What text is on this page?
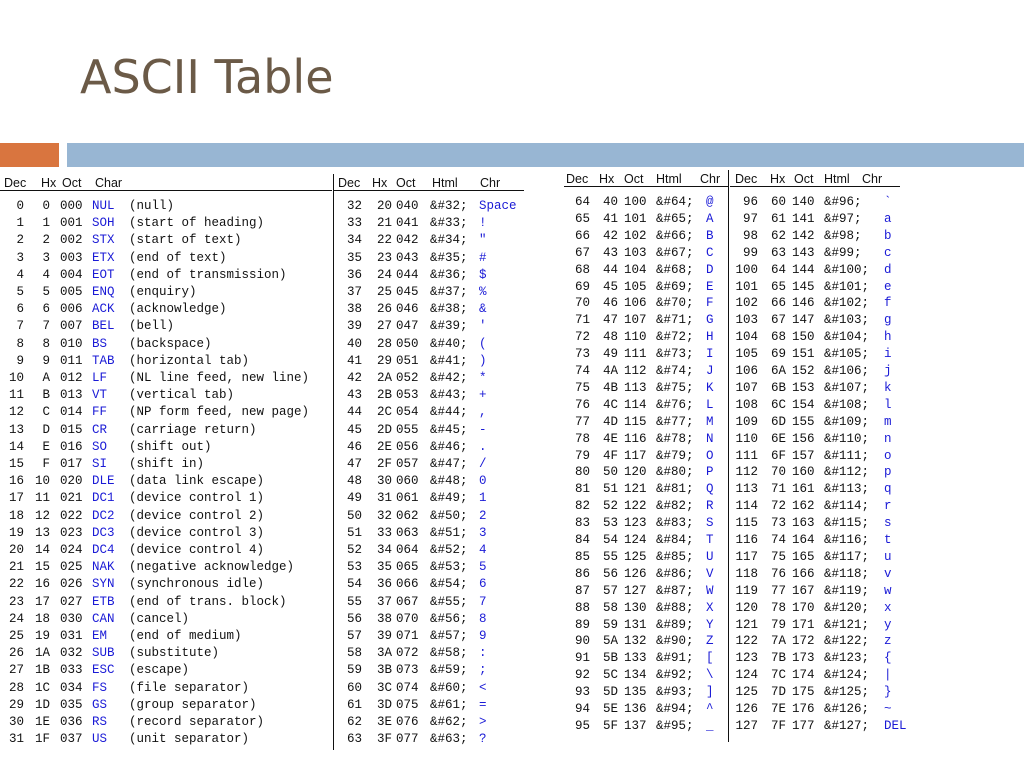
ASCII Table
Dec Hx Oct Char	Dec Hx Oct Html Chr
0	0 000 NUL (null)	32	20 040 &#32; Space
1	1 001 SOH (start of heading)	33	21 041 &#33; !
2	2 002 STX (start of text)	34	22 042 &#34; "
3	3 003 ETX (end of text)	35	23 043 &#35; #
4	4 004 EOT (end of transmission)	36	24 044 &#36; $
5	5 005 ENQ (enquiry)	37	25 045 &#37; %
6	6 006 ACK (acknowledge)	38	26 046 &#38; &
7	7 007 BEL (bell)	39	27 047 &#39; '
8	8 010 BS (backspace)	40	28 050 &#40; (
9	9 011 TAB (horizontal tab)	41	29 051 &#41; )
10	A 012 LF (NL line feed, new line)	42	2A 052 &#42; *
11	B 013 VT (vertical tab)	43	2B 053 &#43; +
12	C 014 FF (NP form feed, new page)	44	2C 054 &#44; ,
13	D 015 CR (carriage return)	45	2D 055 &#45; -
14	E 016 SO (shift out)	46	2E 056 &#46; .
15	F 017 SI (shift in)	47	2F 057 &#47; /
16 10 020 DLE (data link escape)	48	30 060 &#48; 0
17 11 021 DC1 (device control 1)	49	31 061 &#49; 1
18 12 022 DC2 (device control 2)	50	32 062 &#50; 2
19 13 023 DC3 (device control 3)	51	33 063 &#51; 3
20 14 024 DC4 (device control 4)	52	34 064 &#52; 4
21 15 025 NAK (negative acknowledge)	53	35 065 &#53; 5
22 16 026 SYN (synchronous idle)	54	36 066 &#54; 6
23 17 027 ETB (end of trans. block)	55	37 067 &#55; 7
24 18 030 CAN (cancel)	56	38 070 &#56; 8
25 19 031 EM (end of medium)	57	39 071 &#57; 9
26 1A 032 SUB (substitute)	58	3A 072 &#58; :
27 1B 033 ESC (escape)	59	3B 073 &#59; ;
28 1C 034 FS (file separator)	60	3C 074 &#60; <
29 1D 035 GS (group separator)	61	3D 075 &#61; =
30 1E 036 RS (record separator)	62	3E 076 &#62; >
31 1F 037 US (unit separator)	63	3F 077 &#63; ?
Dec Hx Oct Html Chr Dec Hx Oct Html Chr
64	40 100 &#64; @	96	60 140 &#96; `
65	41 101 &#65; A	97	61 141 &#97; a
66	42 102 &#66; B	98	62 142 &#98; b
67	43 103 &#67; C	99	63 143 &#99; c
68	44 104 &#68; D	100	64 144 &#100; d
69	45 105 &#69; E	101	65 145 &#101; e
70	46 106 &#70; F	102	66 146 &#102; f
71	47 107 &#71; G	103	67 147 &#103; g
72	48 110 &#72; H	104	68 150 &#104; h
73	49 111 &#73; I	105	69 151 &#105; i
74	4A 112 &#74; J	106	6A 152 &#106; j
75	4B 113 &#75; K	107	6B 153 &#107; k
76	4C 114 &#76; L	108	6C 154 &#108; l
77	4D 115 &#77; M	109	6D 155 &#109; m
78	4E 116 &#78; N	110	6E 156 &#110; n
79	4F 117 &#79; O	111	6F 157 &#111; o
80	50 120 &#80; P	112	70 160 &#112; p
81	51 121 &#81; Q	113	71 161 &#113; q
82	52 122 &#82; R	114	72 162 &#114; r
83	53 123 &#83; S	115	73 163 &#115; s
84	54 124 &#84; T	116	74 164 &#116; t
85	55 125 &#85; U	117	75 165 &#117; u
86	56 126 &#86; V	118	76 166 &#118; v
87	57 127 &#87; W	119	77 167 &#119; w
88	58 130 &#88; X	120	78 170 &#120; x
89	59 131 &#89; Y	121	79 171 &#121; y
90	5A 132 &#90; Z	122	7A 172 &#122; z
91	5B 133 &#91; [	123	7B 173 &#123; {
92	5C 134 &#92; \	124	7C 174 &#124; |
93	5D 135 &#93; ]	125	7D 175 &#125; }
94	5E 136 &#94; ^	126	7E 176 &#126; ~
95	5F 137 &#95; _	127	7F 177 &#127; DEL
